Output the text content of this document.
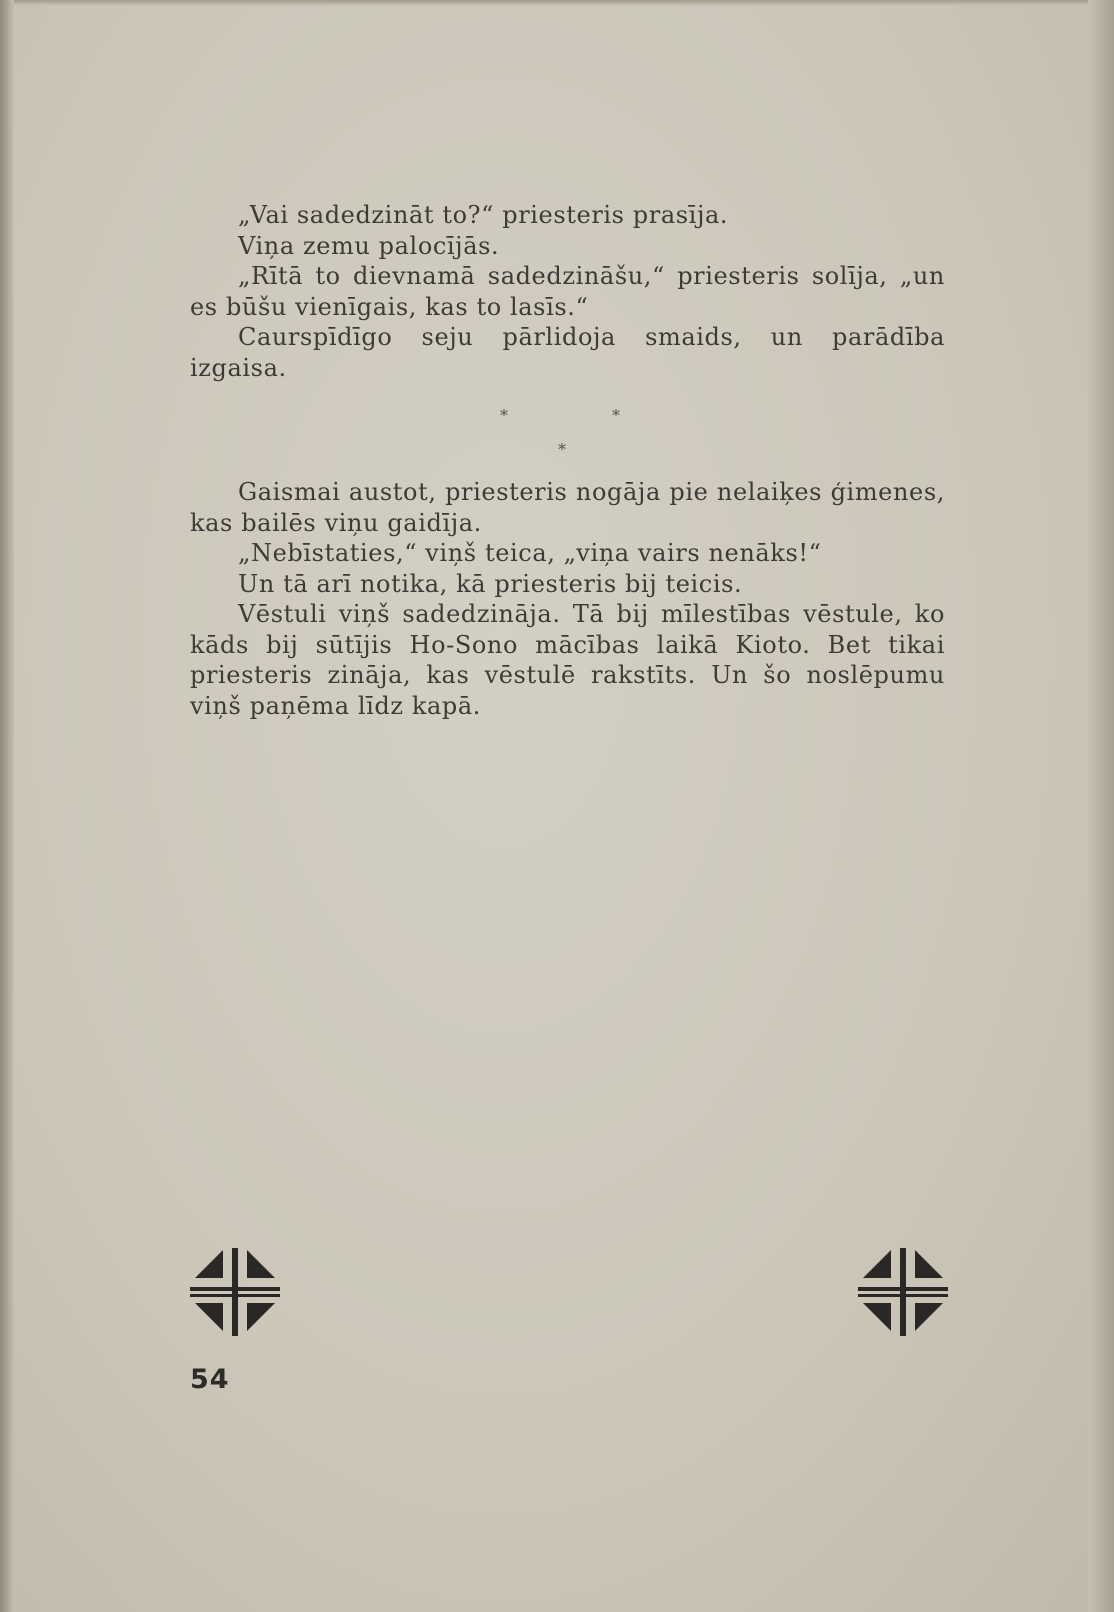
„Vai sadedzināt to?“ priesteris prasīja.

Viņa zemu palocījās.

„Rītā to dievnamā sadedzināšu,“ priesteris solīja, „un es būšu vienīgais, kas to lasīs.“

Caurspīdīgo seju pārlidoja smaids, un parādība izgaisa.

*	*
*

Gaismai austot, priesteris nogāja pie nelaiķes ģimenes, kas bailēs viņu gaidīja.

„Nebīstaties,“ viņš teica, „viņa vairs nenāks!“

Un tā arī notika, kā priesteris bij teicis.

Vēstuli viņš sadedzināja. Tā bij mīlestības vēstule, ko kāds bij sūtījis Ho-Sono mācības laikā Kioto. Bet tikai priesteris zināja, kas vēstulē rakstīts. Un šo noslēpumu viņš paņēma līdz kapā.

54
